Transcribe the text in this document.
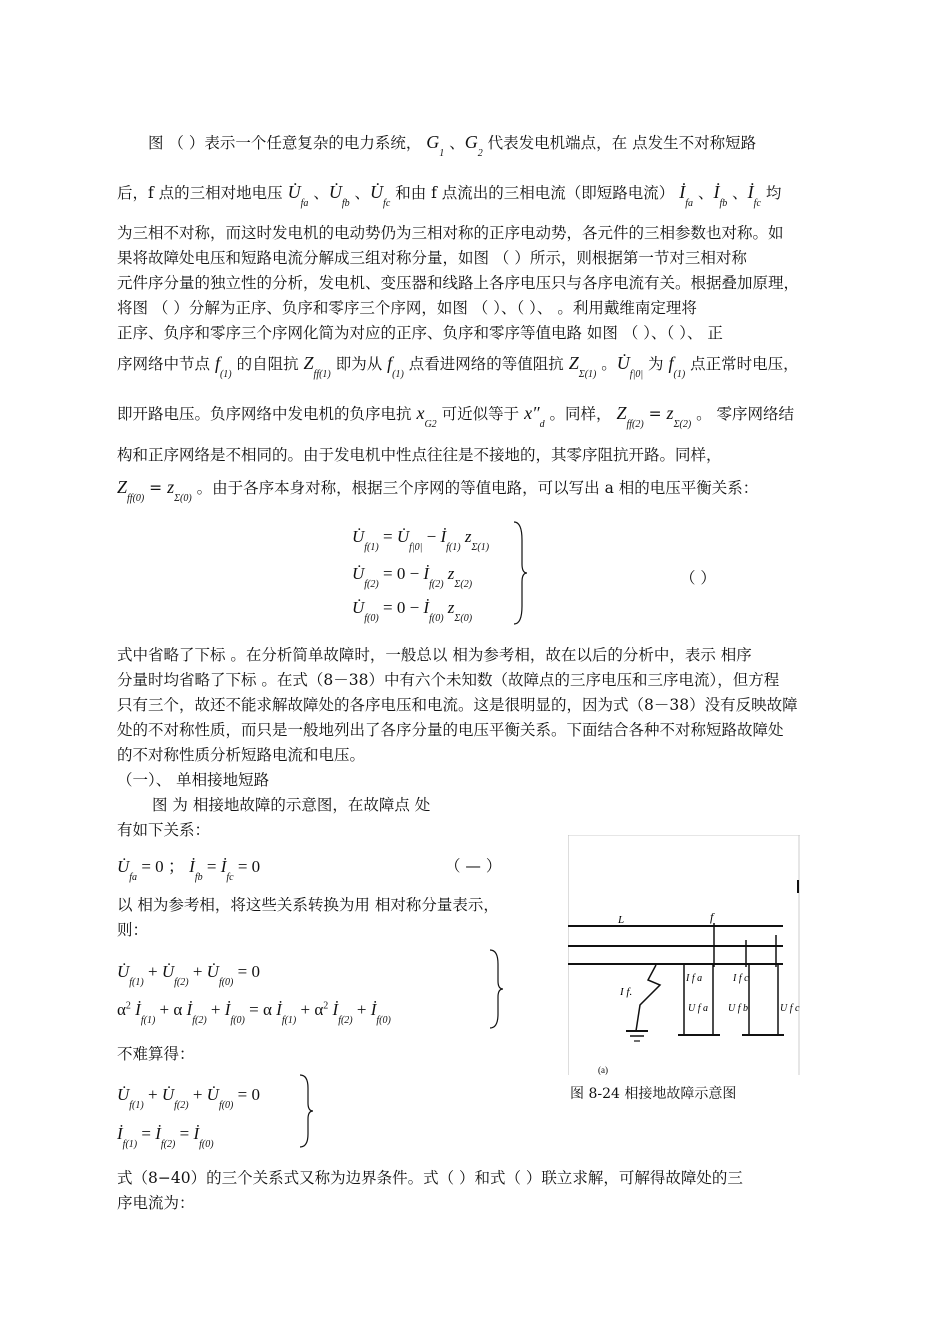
图 （ ）表示一个任意复杂的电力系统， $G_1$ 、$G_2$ 代表发电机端点，在 点发生不对称短路
后，f 点的三相对地电压 $U̇_{fa}$ 、$U̇_{fb}$ 、$U̇_{fc}$ 和由 f 点流出的三相电流（即短路电流） $İ_{fa}$ 、$İ_{fb}$ 、$İ_{fc}$ 均
为三相不对称，而这时发电机的电动势仍为三相对称的正序电动势，各元件的三相参数也对称。如
果将故障处电压和短路电流分解成三组对称分量，如图 （ ）所示，则根据第一节对三相对称
元件序分量的独立性的分析，发电机、变压器和线路上各序电压只与各序电流有关。根据叠加原理，
将图 （ ）分解为正序、负序和零序三个序网，如图 （ ）、（ ）、 。利用戴维南定理将
正序、负序和零序三个序网化简为对应的正序、负序和零序等值电路 如图 （ ）、（ ）、 正
序网络中节点 $f_{(1)}$ 的自阻抗 $Z_{ff(1)}$ 即为从 $f_{(1)}$ 点看进网络的等值阻抗 $Z_{\Sigma(1)}$ 。$U̇_{f|0|}$ 为 $f_{(1)}$ 点正常时电压，
即开路电压。负序网络中发电机的负序电抗 $x_{G2}$ 可近似等于 $x''_d$ 。同样， $Z_{ff(2)} = z_{\Sigma(2)}$ 。 零序网络结
构和正序网络是不相同的。由于发电机中性点往往是不接地的，其零序阻抗开路。同样，
$Z_{ff(0)} = z_{\Sigma(0)}$ 。由于各序本身对称，根据三个序网的等值电路，可以写出 a 相的电压平衡关系：
$U̇_{f(1)}$ = $U̇_{f|0|}$ − $İ_{f(1)}$ $z_{\Sigma(1)}$
$U̇_{f(2)} = 0$ − $İ_{f(2)}$ $z_{\Sigma(2)}$
$U̇_{f(0)} = 0$ − $İ_{f(0)}$ $z_{\Sigma(0)}$
（ ）
式中省略了下标 。在分析简单故障时，一般总以 相为参考相，故在以后的分析中，表示 相序
分量时均省略了下标 。在式（8－38）中有六个未知数（故障点的三序电压和三序电流），但方程
只有三个，故还不能求解故障处的各序电压和电流。这是很明显的，因为式（8－38）没有反映故障
处的不对称性质，而只是一般地列出了各序分量的电压平衡关系。下面结合各种不对称短路故障处
的不对称性质分析短路电流和电压。
（一）、 单相接地短路
图 为 相接地故障的示意图，在故障点 处
有如下关系：
$U̇_{fa} = 0$ ； $İ_{fb}$ = $İ_{fc} = 0$	（ — ）
以 相为参考相，将这些关系转换为用 相对称分量表示，
则：
$U̇_{f(1)}$ + $U̇_{f(2)}$ + $U̇_{f(0)} = 0$
$\alpha^2$ $İ_{f(1)} + \alpha$ $İ_{f(2)}$ + $İ_{f(0)} = \alpha$ $İ_{f(1)} + \alpha^2$ $İ_{f(2)}$ + $İ_{f(0)}$
不难算得：
$U̇_{f(1)}$ + $U̇_{f(2)}$ + $U̇_{f(0)} = 0$
$İ_{f(1)}$ = $İ_{f(2)}$ = $İ_{f(0)}$
式（8−40）的三个关系式又称为边界条件。式（ ）和式（ ）联立求解，可解得故障处的三
序电流为：
L	f
I f.
I f a	I f c
U f a U f b	U f c
(a)
图 8-24 相接地故障示意图
